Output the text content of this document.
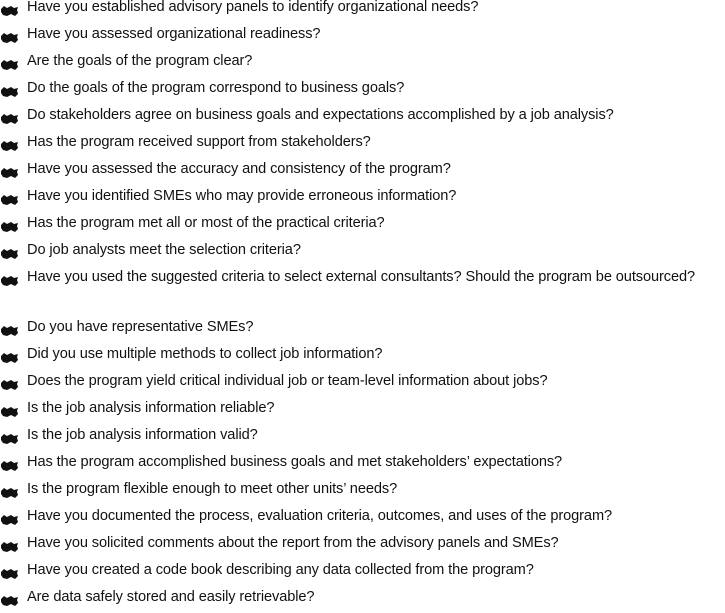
Have you established advisory panels to identify organizational needs?
Have you assessed organizational readiness?
Are the goals of the program clear?
Do the goals of the program correspond to business goals?
Do stakeholders agree on business goals and expectations accomplished by a job analysis?
Has the program received support from stakeholders?
Have you assessed the accuracy and consistency of the program?
Have you identified SMEs who may provide erroneous information?
Has the program met all or most of the practical criteria?
Do job analysts meet the selection criteria?
Have you used the suggested criteria to select external consultants? Should the program be outsourced?
Do you have representative SMEs?
Did you use multiple methods to collect job information?
Does the program yield critical individual job or team-level information about jobs?
Is the job analysis information reliable?
Is the job analysis information valid?
Has the program accomplished business goals and met stakeholders’ expectations?
Is the program flexible enough to meet other units’ needs?
Have you documented the process, evaluation criteria, outcomes, and uses of the program?
Have you solicited comments about the report from the advisory panels and SMEs?
Have you created a code book describing any data collected from the program?
Are data safely stored and easily retrievable?
